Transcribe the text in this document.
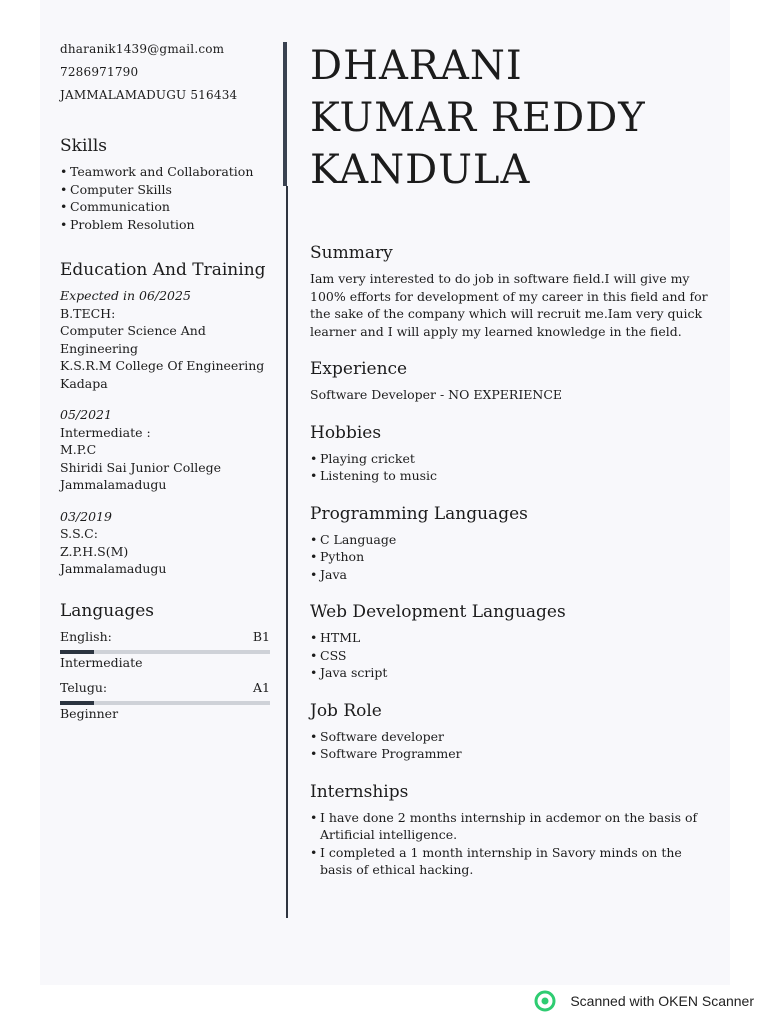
dharanik1439@gmail.com
7286971790
JAMMALAMADUGU 516434
Skills
• Teamwork and Collaboration
• Computer Skills
• Communication
• Problem Resolution
Education And Training
Expected in 06/2025
B.TECH:
Computer Science And Engineering
K.S.R.M College Of Engineering
Kadapa
05/2021
Intermediate :
M.P.C
Shiridi Sai Junior College
Jammalamadugu
03/2019
S.S.C:
Z.P.H.S(M)
Jammalamadugu
Languages
English:	B1
Intermediate
Telugu:	A1
Beginner
DHARANI
KUMAR REDDY
KANDULA
Summary
Iam very interested to do job in software field.I will give my 100% efforts for development of my career in this field and for the sake of the company which will recruit me.Iam very quick learner and I will apply my learned knowledge in the field.
Experience
Software Developer - NO EXPERIENCE
Hobbies
• Playing cricket
• Listening to music
Programming Languages
• C Language
• Python
• Java
Web Development Languages
• HTML
• CSS
• Java script
Job Role
• Software developer
• Software Programmer
Internships
• I have done 2 months internship in acdemor on the basis of Artificial intelligence.
• I completed a 1 month internship in Savory minds on the basis of ethical hacking.
Scanned with OKEN Scanner
